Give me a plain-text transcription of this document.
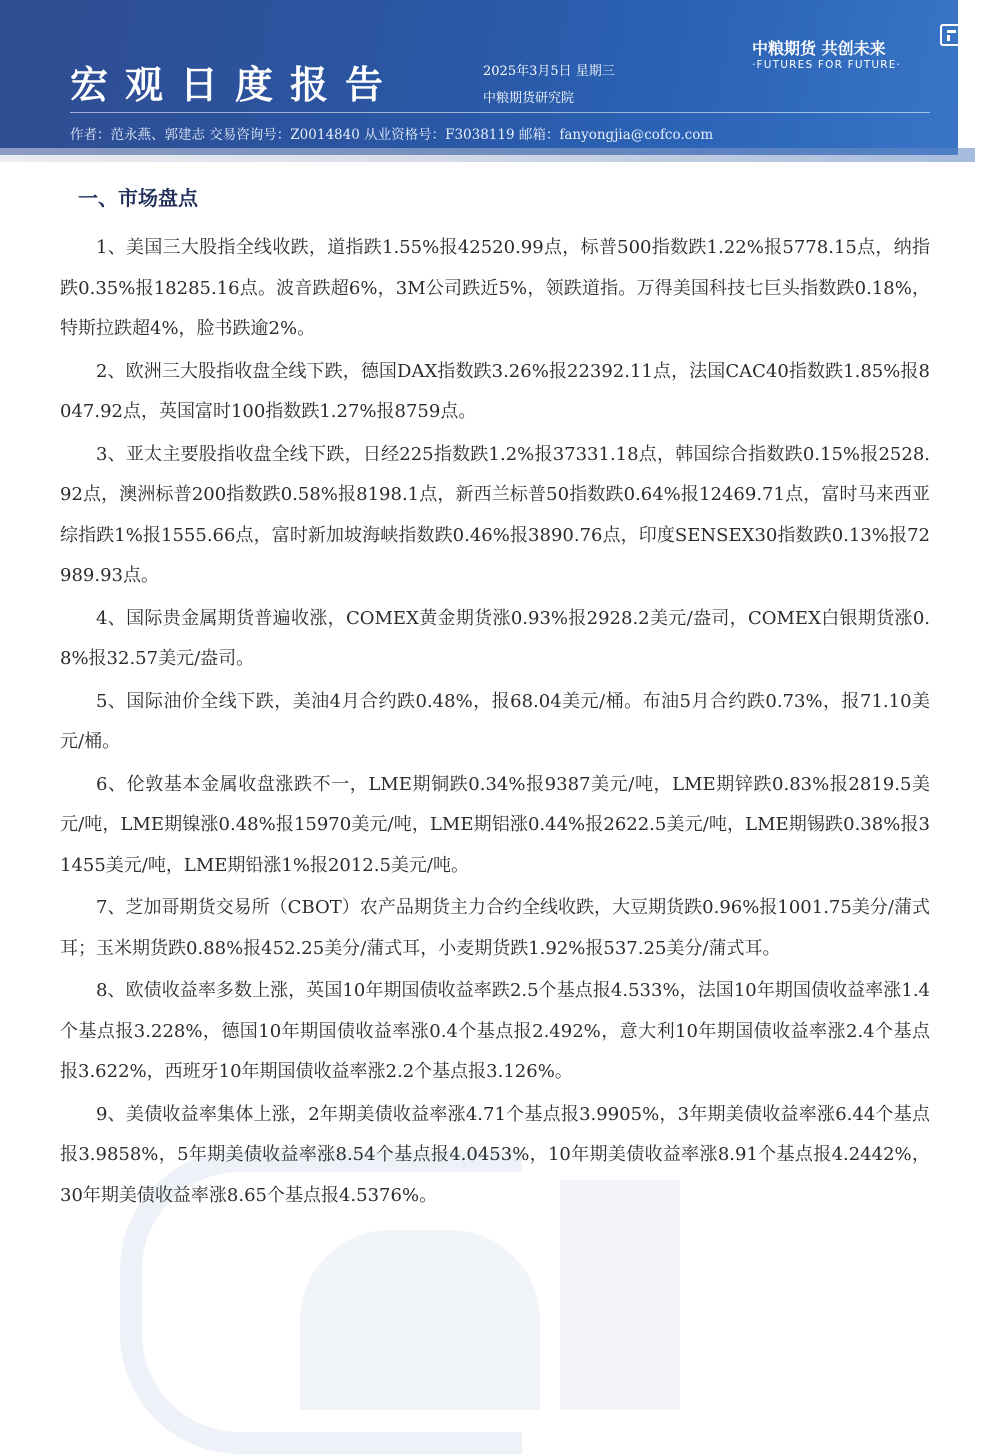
宏观日度报告	2025年3月5日 星期三
中粮期货研究院
作者：范永燕、郭建志 交易咨询号：Z0014840 从业资格号：F3038119 邮箱：fanyongjia@cofco.com
中粮期货 共创未来
·FUTURES FOR FUTURE·
一、市场盘点

1、美国三大股指全线收跌，道指跌1.55%报42520.99点，标普500指数跌1.22%报5778.15点，纳指跌0.35%报18285.16点。波音跌超6%，3M公司跌近5%，领跌道指。万得美国科技七巨头指数跌0.18%，特斯拉跌超4%，脸书跌逾2%。

2、欧洲三大股指收盘全线下跌，德国DAX指数跌3.26%报22392.11点，法国CAC40指数跌1.85%报8047.92点，英国富时100指数跌1.27%报8759点。

3、亚太主要股指收盘全线下跌，日经225指数跌1.2%报37331.18点，韩国综合指数跌0.15%报2528.92点，澳洲标普200指数跌0.58%报8198.1点，新西兰标普50指数跌0.64%报12469.71点，富时马来西亚综指跌1%报1555.66点，富时新加坡海峡指数跌0.46%报3890.76点，印度SENSEX30指数跌0.13%报72989.93点。

4、国际贵金属期货普遍收涨，COMEX黄金期货涨0.93%报2928.2美元/盎司，COMEX白银期货涨0.8%报32.57美元/盎司。

5、国际油价全线下跌，美油4月合约跌0.48%，报68.04美元/桶。布油5月合约跌0.73%，报71.10美元/桶。

6、伦敦基本金属收盘涨跌不一，LME期铜跌0.34%报9387美元/吨，LME期锌跌0.83%报2819.5美元/吨，LME期镍涨0.48%报15970美元/吨，LME期铝涨0.44%报2622.5美元/吨，LME期锡跌0.38%报31455美元/吨，LME期铅涨1%报2012.5美元/吨。

7、芝加哥期货交易所（CBOT）农产品期货主力合约全线收跌，大豆期货跌0.96%报1001.75美分/蒲式耳；玉米期货跌0.88%报452.25美分/蒲式耳，小麦期货跌1.92%报537.25美分/蒲式耳。

8、欧债收益率多数上涨，英国10年期国债收益率跌2.5个基点报4.533%，法国10年期国债收益率涨1.4个基点报3.228%，德国10年期国债收益率涨0.4个基点报2.492%，意大利10年期国债收益率涨2.4个基点报3.622%，西班牙10年期国债收益率涨2.2个基点报3.126%。

9、美债收益率集体上涨，2年期美债收益率涨4.71个基点报3.9905%，3年期美债收益率涨6.44个基点报3.9858%，5年期美债收益率涨8.54个基点报4.0453%，10年期美债收益率涨8.91个基点报4.2442%，30年期美债收益率涨8.65个基点报4.5376%。
